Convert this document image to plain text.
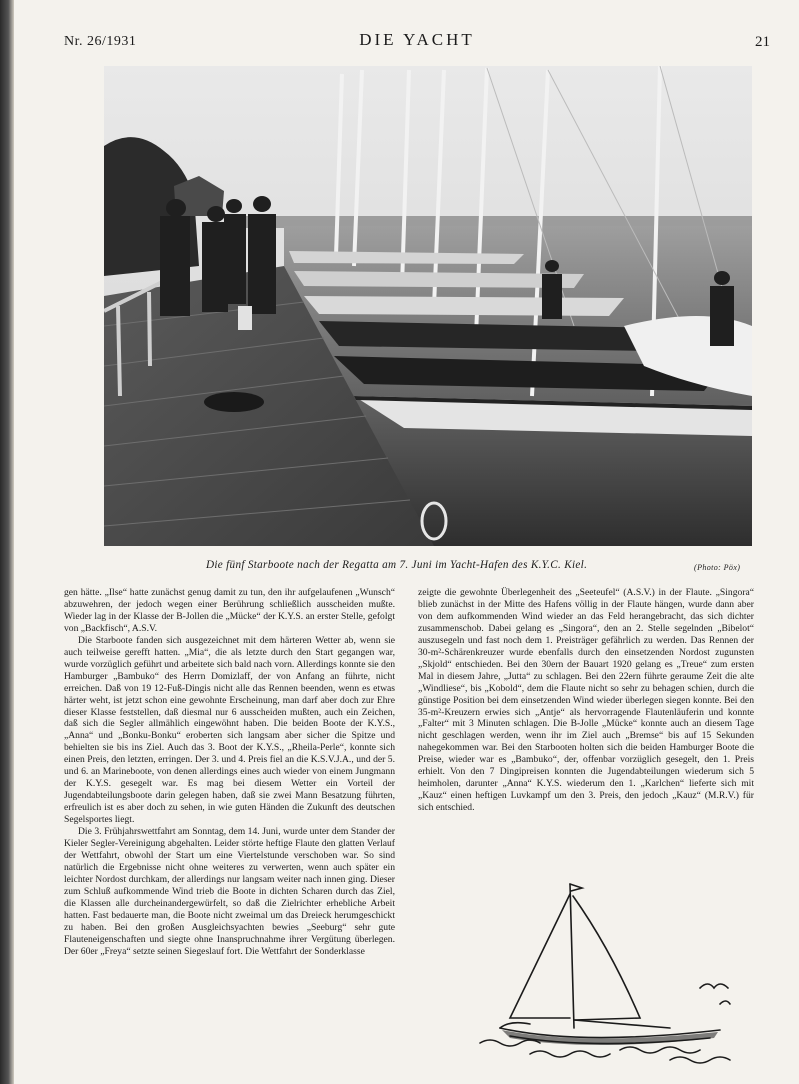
Nr. 26/1931	DIE YACHT	21
Die fünf Starboote nach der Regatta am 7. Juni im Yacht-Hafen des K.Y.C. Kiel.	(Photo: Pöx)

gen hätte. „Ilse“ hatte zunächst genug damit zu tun, den ihr aufgelaufenen „Wunsch“ abzuwehren, der jedoch wegen einer Berührung schließlich ausscheiden mußte. Wieder lag in der Klasse der B-Jollen die „Mücke“ der K.Y.S. an erster Stelle, gefolgt von „Backfisch“, A.S.V.

Die Starboote fanden sich ausgezeichnet mit dem härteren Wetter ab, wenn sie auch teilweise gerefft hatten. „Mia“, die als letzte durch den Start gegangen war, wurde vorzüglich geführt und arbeitete sich bald nach vorn. Allerdings konnte sie den Hamburger „Bambuko“ des Herrn Domizlaff, der von Anfang an führte, nicht erreichen. Daß von 19 12-Fuß-Dingis nicht alle das Rennen beenden, wenn es etwas härter weht, ist jetzt schon eine gewohnte Erscheinung, man darf aber doch zur Ehre dieser Klasse feststellen, daß diesmal nur 6 ausscheiden mußten, auch ein Zeichen, daß sich die Segler allmählich eingewöhnt haben. Die beiden Boote der K.Y.S., „Anna“ und „Bonku-Bonku“ eroberten sich langsam aber sicher die Spitze und behielten sie bis ins Ziel. Auch das 3. Boot der K.Y.S., „Rheila-Perle“, konnte sich einen Preis, den letzten, erringen. Der 3. und 4. Preis fiel an die K.S.V.J.A., und der 5. und 6. an Marineboote, von denen allerdings eines auch wieder von einem Jungmann der K.Y.S. gesegelt war. Es mag bei diesem Wetter ein Vorteil der Jugendabteilungsboote darin gelegen haben, daß sie zwei Mann Besatzung führten, erfreulich ist es aber doch zu sehen, in wie guten Händen die Zukunft des deutschen Segelsportes liegt.

Die 3. Frühjahrswettfahrt am Sonntag, dem 14. Juni, wurde unter dem Stander der Kieler Segler-Vereinigung abgehalten. Leider störte heftige Flaute den glatten Verlauf der Wettfahrt, obwohl der Start um eine Viertelstunde verschoben war. So sind natürlich die Ergebnisse nicht ohne weiteres zu verwerten, wenn auch später ein leichter Nordost durchkam, der allerdings nur langsam weiter nach innen ging. Dieser zum Schluß aufkommende Wind trieb die Boote in dichten Scharen durch das Ziel, die Klassen alle durcheinandergewürfelt, so daß die Zielrichter erhebliche Arbeit hatten. Fast bedauerte man, die Boote nicht zweimal um das Dreieck herumgeschickt zu haben. Bei den großen Ausgleichsyachten bewies „Seeburg“ sehr gute Flauteneigenschaften und siegte ohne Inanspruchnahme ihrer Vergütung überlegen. Der 60er „Freya“ setzte seinen Siegeslauf fort. Die Wettfahrt der Sonderklasse

zeigte die gewohnte Überlegenheit des „Seeteufel“ (A.S.V.) in der Flaute. „Singora“ blieb zunächst in der Mitte des Hafens völlig in der Flaute hängen, wurde dann aber von dem aufkommenden Wind wieder an das Feld herangebracht, das sich dichter zusammenschob. Dabei gelang es „Singora“, den an 2. Stelle segelnden „Bibelot“ auszusegeln und fast noch dem 1. Preisträger gefährlich zu werden. Das Rennen der 30-m²-Schärenkreuzer wurde ebenfalls durch den einsetzenden Nordost zugunsten „Skjold“ entschieden. Bei den 30ern der Bauart 1920 gelang es „Treue“ zum ersten Mal in diesem Jahre, „Jutta“ zu schlagen. Bei den 22ern führte geraume Zeit die alte „Windliese“, bis „Kobold“, dem die Flaute nicht so sehr zu behagen schien, durch die günstige Position bei dem einsetzenden Wind wieder überlegen siegen konnte. Bei den 35-m²-Kreuzern erwies sich „Antje“ als hervorragende Flautenläuferin und konnte „Falter“ mit 3 Minuten schlagen. Die B-Jolle „Mücke“ konnte auch an diesem Tage nicht geschlagen werden, wenn ihr im Ziel auch „Bremse“ bis auf 15 Sekunden nahegekommen war. Bei den Starbooten holten sich die beiden Hamburger Boote die Preise, wieder war es „Bambuko“, der, offenbar vorzüglich gesegelt, den 1. Preis erhielt. Von den 7 Dingipreisen konnten die Jugendabteilungen wiederum sich 5 heimholen, darunter „Anna“ K.Y.S. wiederum den 1. „Karlchen“ lieferte sich mit „Kauz“ einen heftigen Luvkampf um den 3. Preis, den jedoch „Kauz“ (M.R.V.) für sich entschied.
